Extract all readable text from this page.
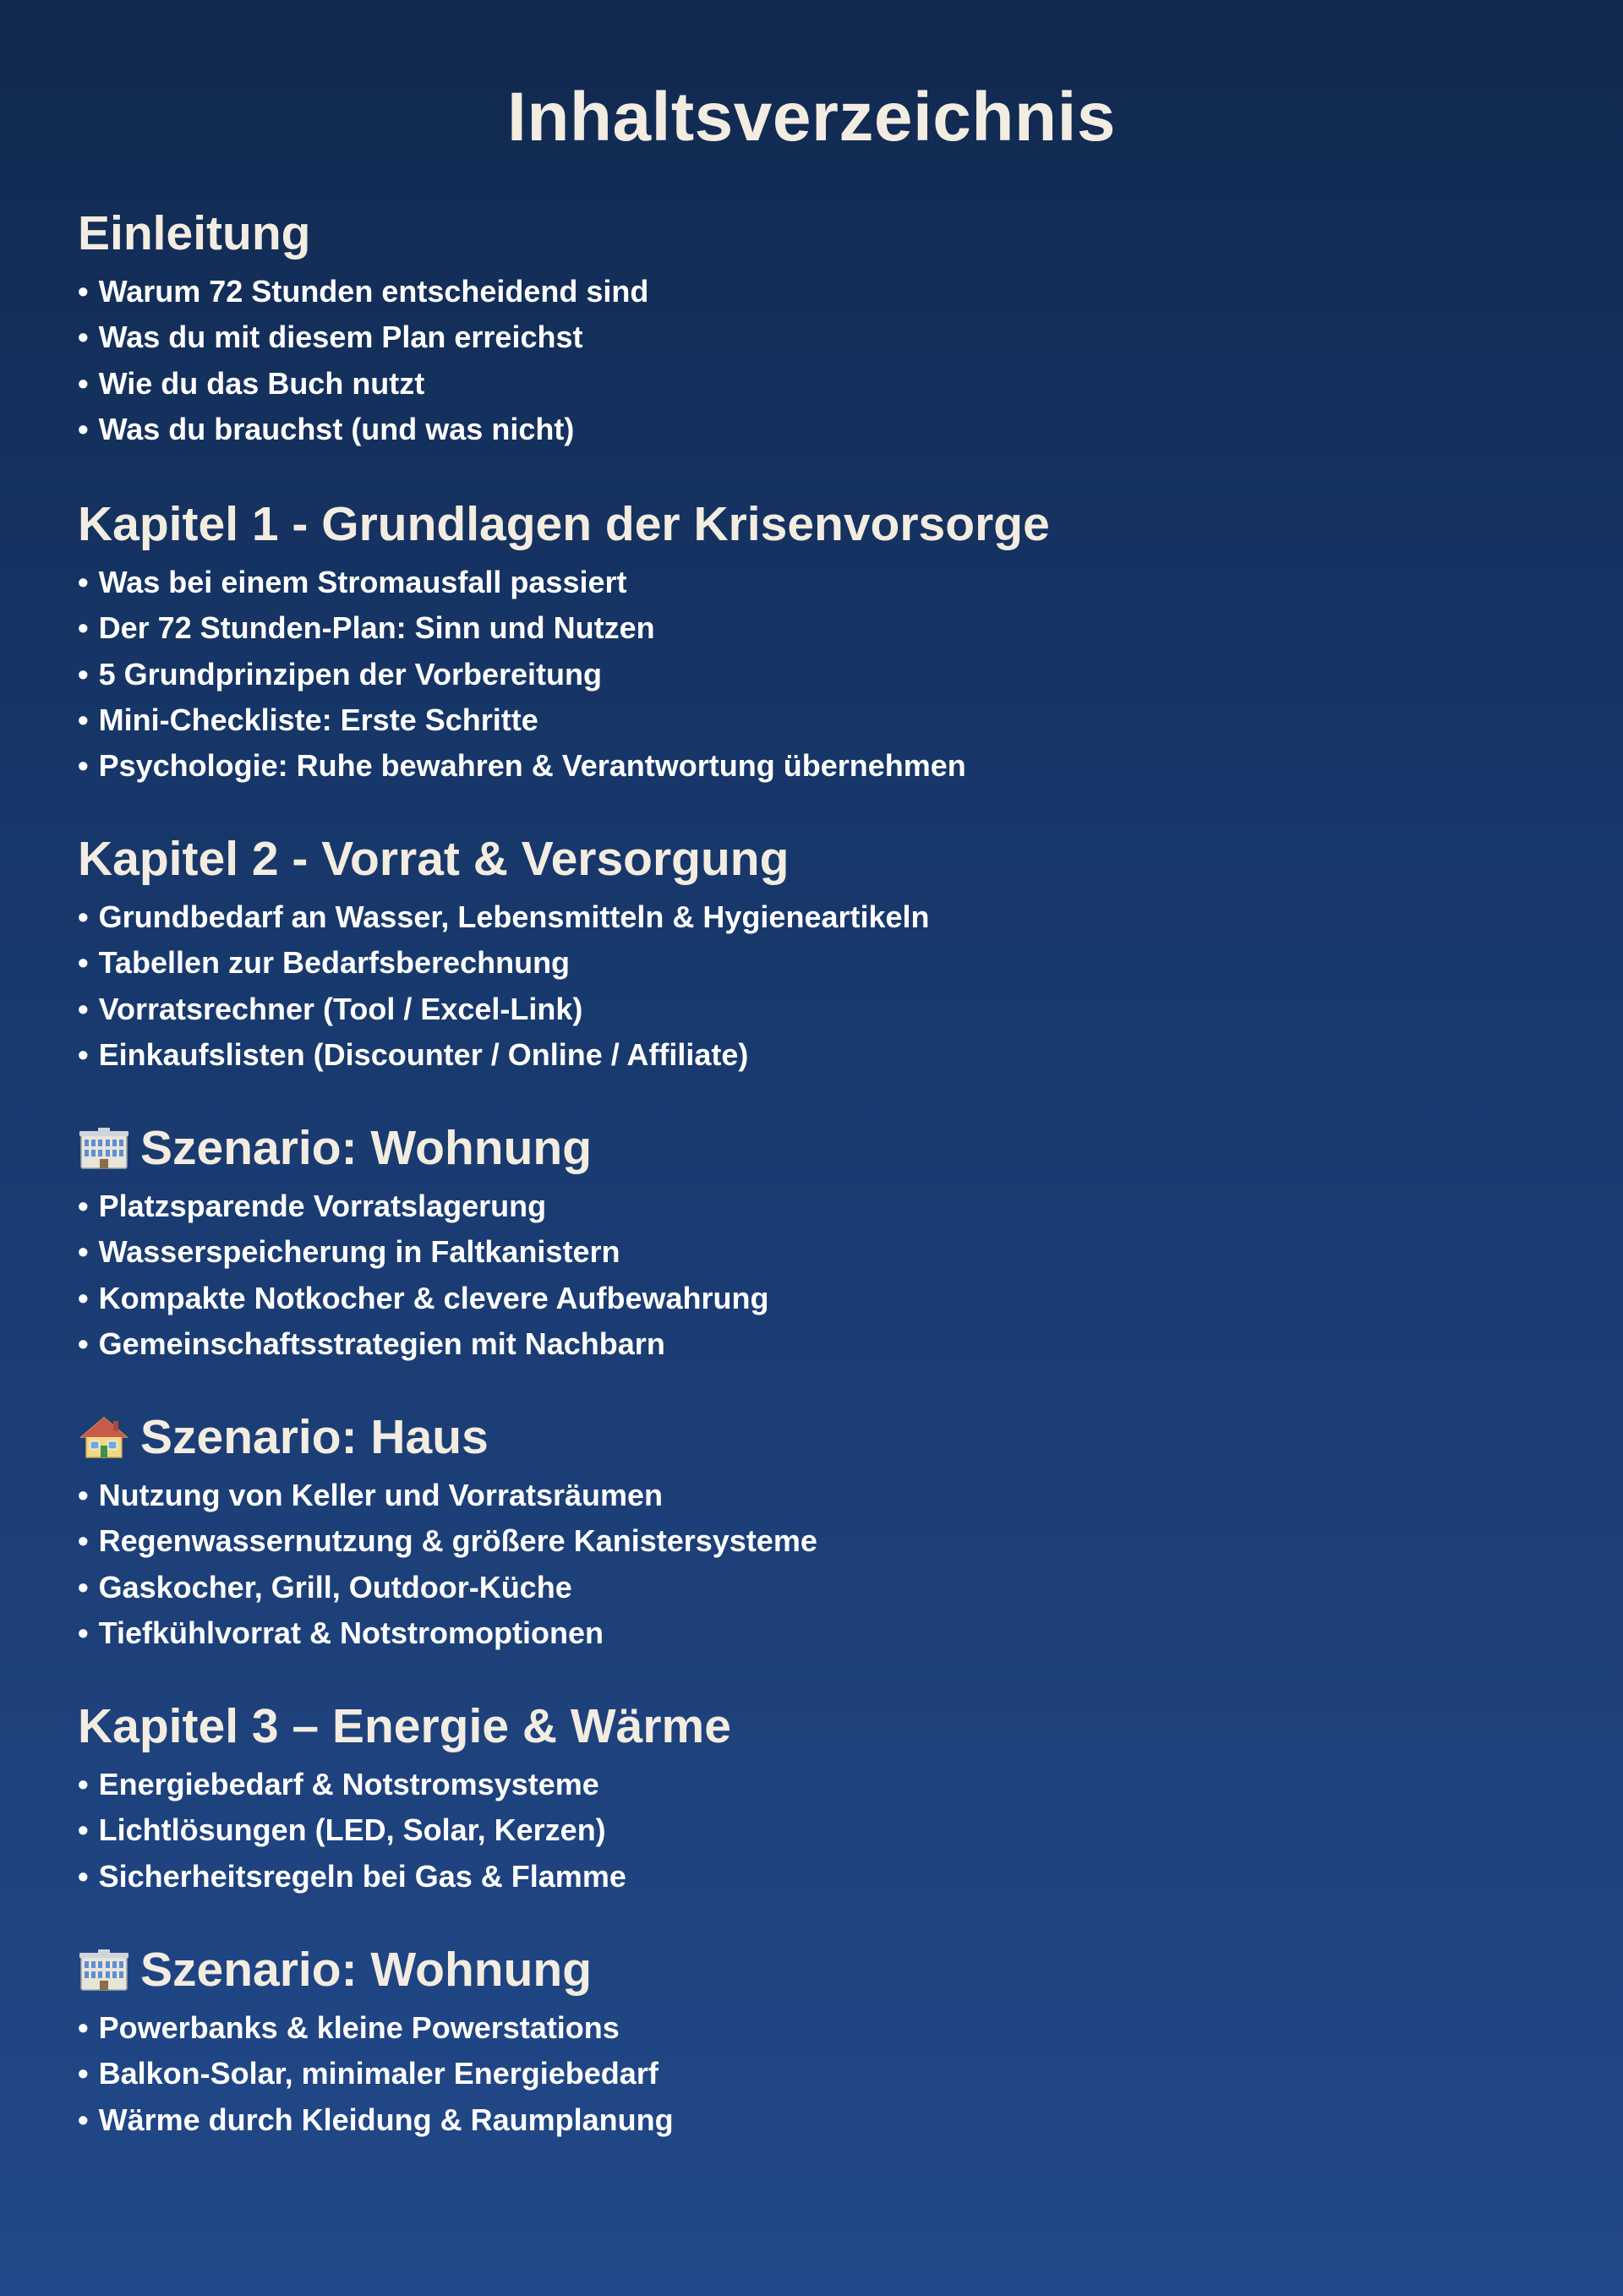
Inhaltsverzeichnis
Einleitung
• Warum 72 Stunden entscheidend sind
• Was du mit diesem Plan erreichst
• Wie du das Buch nutzt
• Was du brauchst (und was nicht)
Kapitel 1 - Grundlagen der Krisenvorsorge
• Was bei einem Stromausfall passiert
• Der 72 Stunden-Plan: Sinn und Nutzen
• 5 Grundprinzipen der Vorbereitung
• Mini-Checkliste: Erste Schritte
• Psychologie: Ruhe bewahren & Verantwortung übernehmen
Kapitel 2 - Vorrat & Versorgung
• Grundbedarf an Wasser, Lebensmitteln & Hygieneartikeln
• Tabellen zur Bedarfsberechnung
• Vorratsrechner (Tool / Excel-Link)
• Einkaufslisten (Discounter / Online / Affiliate)
Szenario: Wohnung
• Platzsparende Vorratslagerung
• Wasserspeicherung in Faltkanistern
• Kompakte Notkocher & clevere Aufbewahrung
• Gemeinschaftsstrategien mit Nachbarn
Szenario: Haus
• Nutzung von Keller und Vorratsräumen
• Regenwassernutzung & größere Kanistersysteme
• Gaskocher, Grill, Outdoor-Küche
• Tiefkühlvorrat & Notstromoptionen
Kapitel 3 – Energie & Wärme
• Energiebedarf & Notstromsysteme
• Lichtlösungen (LED, Solar, Kerzen)
• Sicherheitsregeln bei Gas & Flamme
Szenario: Wohnung
• Powerbanks & kleine Powerstations
• Balkon-Solar, minimaler Energiebedarf
• Wärme durch Kleidung & Raumplanung
